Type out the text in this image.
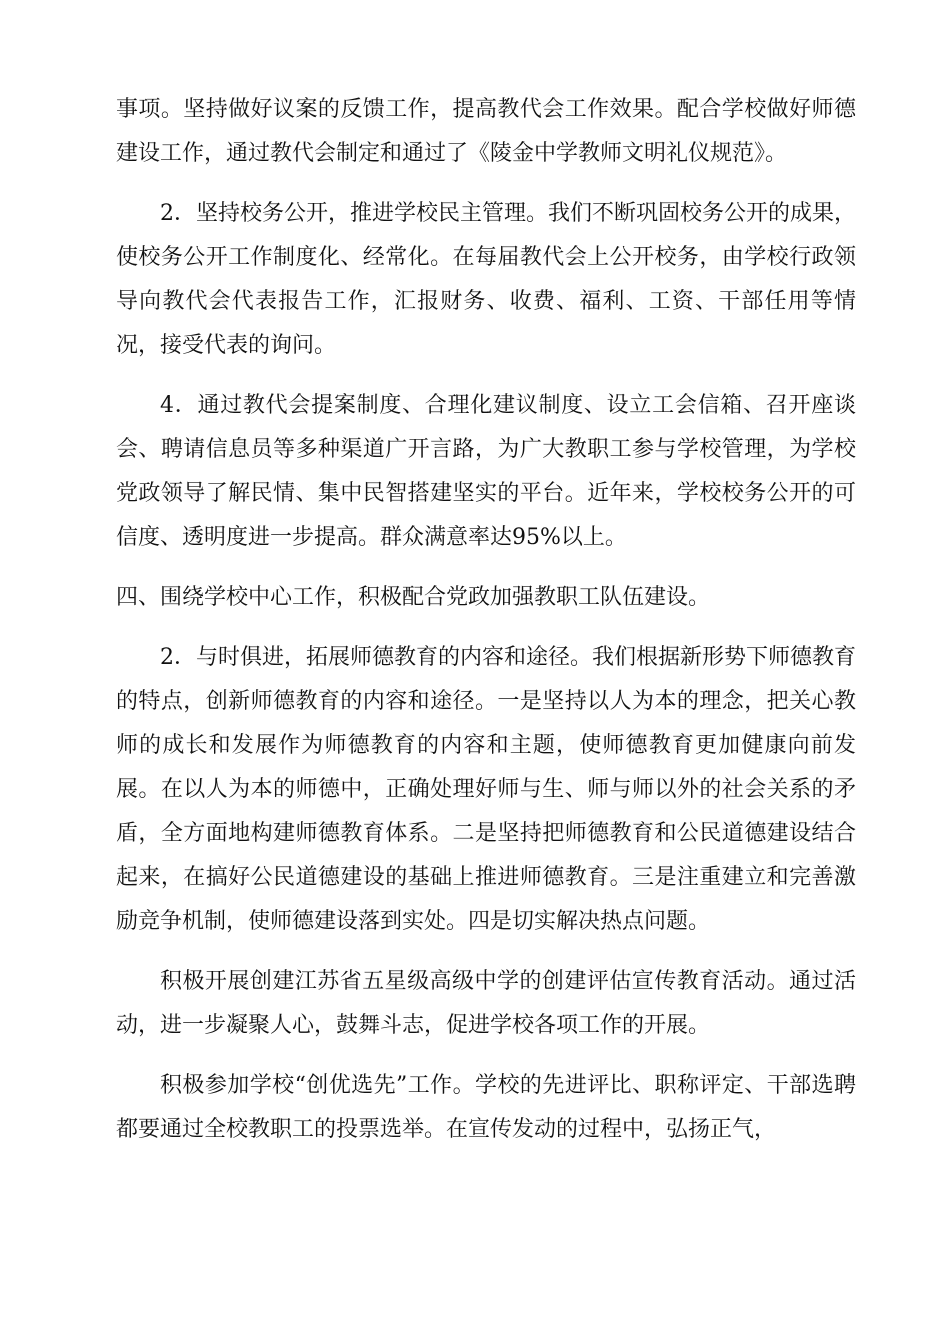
事项。坚持做好议案的反馈工作，提高教代会工作效果。配合学校做好师德建设工作，通过教代会制定和通过了《陵金中学教师文明礼仪规范》。

2．坚持校务公开，推进学校民主管理。我们不断巩固校务公开的成果，使校务公开工作制度化、经常化。在每届教代会上公开校务，由学校行政领导向教代会代表报告工作，汇报财务、收费、福利、工资、干部任用等情况，接受代表的询问。

4．通过教代会提案制度、合理化建议制度、设立工会信箱、召开座谈会、聘请信息员等多种渠道广开言路，为广大教职工参与学校管理，为学校党政领导了解民情、集中民智搭建坚实的平台。近年来，学校校务公开的可信度、透明度进一步提高。群众满意率达95%以上。

四、围绕学校中心工作，积极配合党政加强教职工队伍建设。

2．与时俱进，拓展师德教育的内容和途径。我们根据新形势下师德教育的特点，创新师德教育的内容和途径。一是坚持以人为本的理念，把关心教师的成长和发展作为师德教育的内容和主题，使师德教育更加健康向前发展。在以人为本的师德中，正确处理好师与生、师与师以外的社会关系的矛盾，全方面地构建师德教育体系。二是坚持把师德教育和公民道德建设结合起来，在搞好公民道德建设的基础上推进师德教育。三是注重建立和完善激励竞争机制，使师德建设落到实处。四是切实解决热点问题。

积极开展创建江苏省五星级高级中学的创建评估宣传教育活动。通过活动，进一步凝聚人心，鼓舞斗志，促进学校各项工作的开展。

积极参加学校“创优选先”工作。学校的先进评比、职称评定、干部选聘都要通过全校教职工的投票选举。在宣传发动的过程中，弘扬正气，
